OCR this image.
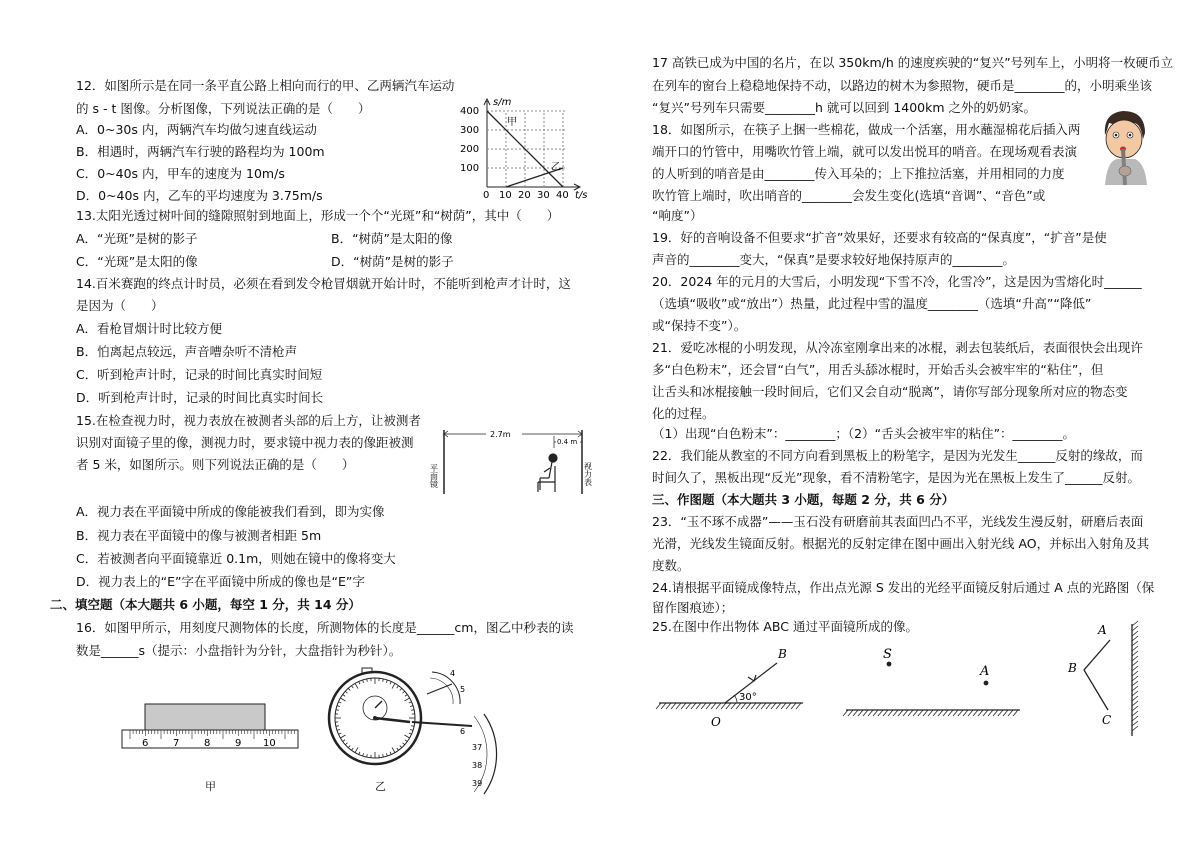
12．如图所示是在同一条平直公路上相向而行的甲、乙两辆汽车运动
的 s - t 图像。分析图像，下列说法正确的是（　　）
A．0~30s 内，两辆汽车均做匀速直线运动
B．相遇时，两辆汽车行驶的路程均为 100m
C．0~40s 内，甲车的速度为 10m/s
D．0~40s 内，乙车的平均速度为 3.75m/s
13.太阳光透过树叶间的缝隙照射到地面上，形成一个个“光斑”和“树荫”，其中（　　）
A．“光斑”是树的影子	B．“树荫”是太阳的像
C．“光斑”是太阳的像	D．“树荫”是树的影子
14.百米赛跑的终点计时员，必须在看到发令枪冒烟就开始计时，不能听到枪声才计时，这
是因为（　　）
A．看枪冒烟计时比较方便
B．怕离起点较远，声音嘈杂听不清枪声
C．听到枪声计时，记录的时间比真实时间短
D．听到枪声计时，记录的时间比真实时间长
15.在检查视力时，视力表放在被测者头部的后上方，让被测者
识别对面镜子里的像，测视力时，要求镜中视力表的像距被测
者 5 米，如图所示。则下列说法正确的是（　　）
A．视力表在平面镜中所成的像能被我们看到，即为实像
B．视力表在平面镜中的像与被测者相距 5m
C．若被测者向平面镜靠近 0.1m，则她在镜中的像将变大
D．视力表上的“E”字在平面镜中所成的像也是“E”字
二、填空题（本大题共 6 小题，每空 1 分，共 14 分）
16．如图甲所示，用刻度尺测物体的长度，所测物体的长度是______cm，图乙中秒表的读
数是______s（提示：小盘指针为分针，大盘指针为秒针）。
s/m
t/s
400
300
200
100
0 10 20 30 40
甲
乙
2.7m
0.4 m
平面镜	视力表
6 7 8 9 10
4
5
6
37
38
39
甲	乙
17 高铁已成为中国的名片，在以 350km/h 的速度疾驶的“复兴”号列车上，小明将一枚硬币立
在列车的窗台上稳稳地保持不动，以路边的树木为参照物，硬币是________的，小明乘坐该
“复兴”号列车只需要________h 就可以回到 1400km 之外的奶奶家。
18．如图所示，在筷子上捆一些棉花，做成一个活塞，用水蘸湿棉花后插入两
端开口的竹管中，用嘴吹竹管上端，就可以发出悦耳的哨音。在现场观看表演
的人听到的哨音是由________传入耳朵的；上下推拉活塞，并用相同的力度
吹竹管上端时，吹出哨音的________会发生变化(选填“音调”、“音色”或
“响度”）
19．好的音响设备不但要求“扩音”效果好，还要求有较高的“保真度”，“扩音”是使
声音的________变大，“保真”是要求较好地保持原声的________。
20．2024 年的元月的大雪后，小明发现“下雪不冷，化雪冷”，这是因为雪熔化时______
（选填“吸收”或“放出”）热量，此过程中雪的温度________（选填“升高”“降低”
或“保持不变”）。
21．爱吃冰棍的小明发现，从冷冻室刚拿出来的冰棍，剥去包装纸后，表面很快会出现许
多“白色粉末”，还会冒“白气”，用舌头舔冰棍时，开始舌头会被牢牢的“粘住”，但
让舌头和冰棍接触一段时间后，它们又会自动“脱离”，请你写部分现象所对应的物态变
化的过程。
（1）出现“白色粉末”：________；（2）“舌头会被牢牢的粘住”：________。
22．我们能从教室的不同方向看到黑板上的粉笔字，是因为光发生______反射的缘故，而
时间久了，黑板出现“反光”现象，看不清粉笔字，是因为光在黑板上发生了______反射。
三、作图题（本大题共 3 小题，每题 2 分，共 6 分）
23．“玉不琢不成器”——玉石没有研磨前其表面凹凸不平，光线发生漫反射，研磨后表面
光滑，光线发生镜面反射。根据光的反射定律在图中画出入射光线 AO，并标出入射角及其
度数。
24.请根据平面镜成像特点，作出点光源 S 发出的光经平面镜反射后通过 A 点的光路图（保
留作图痕迹）；
25.在图中作出物体 ABC 通过平面镜所成的像。
B
O
30°
S
A
A
B
C
